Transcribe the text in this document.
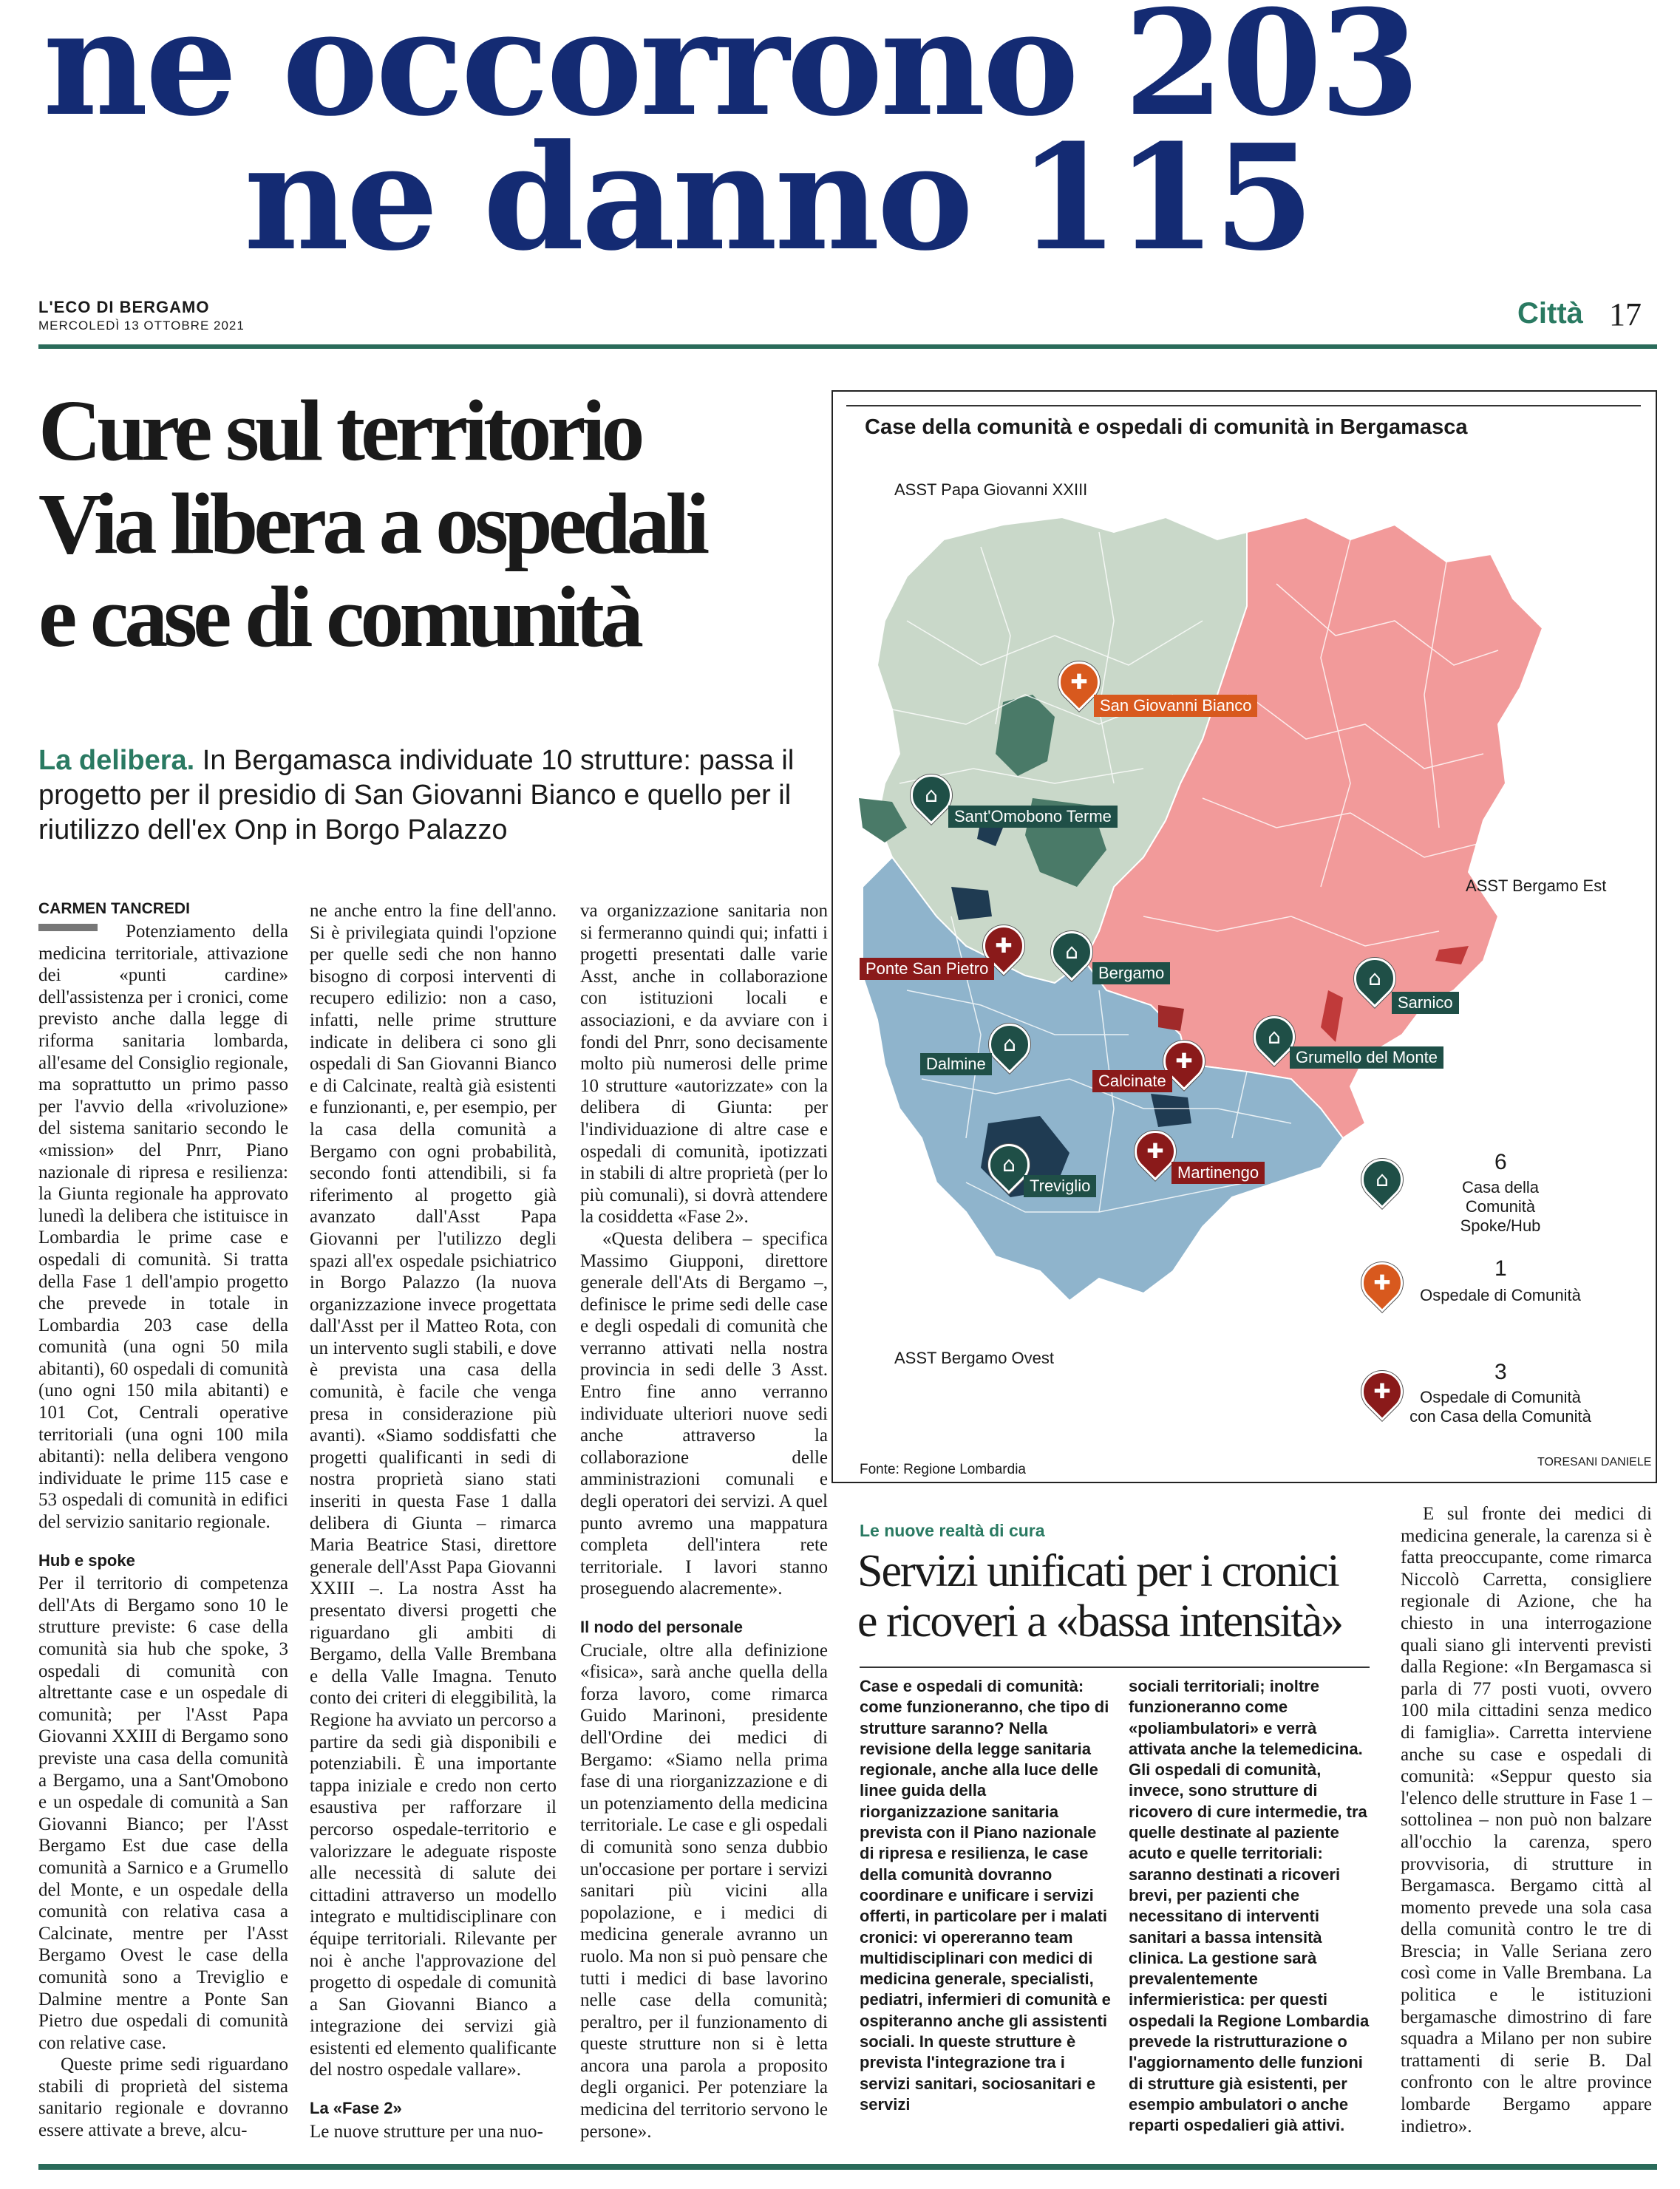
ne occorrono 203
ne danno 115
L'ECO DI BERGAMO
MERCOLEDÌ 13 OTTOBRE 2021	Città 17
Cure sul territorio
Via libera a ospedali
e case di comunità
La delibera. In Bergamasca individuate 10 strutture: passa il progetto per il presidio di San Giovanni Bianco e quello per il riutilizzo dell'ex Onp in Borgo Palazzo
CARMEN TANCREDI

Potenziamento della medicina territoriale, attivazione dei «punti cardine» dell'assistenza per i cronici, come previsto anche dalla legge di riforma sanitaria lombarda, all'esame del Consiglio regionale, ma soprattutto un primo passo per l'avvio della «rivoluzione» del sistema sanitario secondo le «mission» del Pnrr, Piano nazionale di ripresa e resilienza: la Giunta regionale ha approvato lunedì la delibera che istituisce in Lombardia le prime case e ospedali di comunità. Si tratta della Fase 1 dell'ampio progetto che prevede in totale in Lombardia 203 case della comunità (una ogni 50 mila abitanti), 60 ospedali di comunità (uno ogni 150 mila abitanti) e 101 Cot, Centrali operative territoriali (una ogni 100 mila abitanti): nella delibera vengono individuate le prime 115 case e 53 ospedali di comunità in edifici del servizio sanitario regionale.

Hub e spoke

Per il territorio di competenza dell'Ats di Bergamo sono 10 le strutture previste: 6 case della comunità sia hub che spoke, 3 ospedali di comunità con altrettante case e un ospedale di comunità; per l'Asst Papa Giovanni XXIII di Bergamo sono previste una casa della comunità a Bergamo, una a Sant'Omobono e un ospedale di comunità a San Giovanni Bianco; per l'Asst Bergamo Est due case della comunità a Sarnico e a Grumello del Monte, e un ospedale della comunità con relativa casa a Calcinate, mentre per l'Asst Bergamo Ovest le case della comunità sono a Treviglio e Dalmine mentre a Ponte San Pietro due ospedali di comunità con relative case.

Queste prime sedi riguardano stabili di proprietà del sistema sanitario regionale e dovranno essere attivate a breve, alcu-

ne anche entro la fine dell'anno. Si è privilegiata quindi l'opzione per quelle sedi che non hanno bisogno di corposi interventi di recupero edilizio: non a caso, infatti, nelle prime strutture indicate in delibera ci sono gli ospedali di San Giovanni Bianco e di Calcinate, realtà già esistenti e funzionanti, e, per esempio, per la casa della comunità a Bergamo con ogni probabilità, secondo fonti attendibili, si fa riferimento al progetto già avanzato dall'Asst Papa Giovanni per l'utilizzo degli spazi all'ex ospedale psichiatrico in Borgo Palazzo (la nuova organizzazione invece progettata dall'Asst per il Matteo Rota, con un intervento sugli stabili, e dove è prevista una casa della comunità, è facile che venga presa in considerazione più avanti). «Siamo soddisfatti che progetti qualificanti in sedi di nostra proprietà siano stati inseriti in questa Fase 1 dalla delibera di Giunta – rimarca Maria Beatrice Stasi, direttore generale dell'Asst Papa Giovanni XXIII –. La nostra Asst ha presentato diversi progetti che riguardano gli ambiti di Bergamo, della Valle Brembana e della Valle Imagna. Tenuto conto dei criteri di eleggibilità, la Regione ha avviato un percorso a partire da sedi già disponibili e potenziabili. È una importante tappa iniziale e credo non certo esaustiva per rafforzare il percorso ospedale-territorio e valorizzare le adeguate risposte alle necessità di salute dei cittadini attraverso un modello integrato e multidisciplinare con équipe territoriali. Rilevante per noi è anche l'approvazione del progetto di ospedale di comunità a San Giovanni Bianco a integrazione dei servizi già esistenti ed elemento qualificante del nostro ospedale vallare».

La «Fase 2»

Le nuove strutture per una nuo-

va organizzazione sanitaria non si fermeranno quindi qui; infatti i progetti presentati dalle varie Asst, anche in collaborazione con istituzioni locali e associazioni, e da avviare con i fondi del Pnrr, sono decisamente molto più numerosi delle prime 10 strutture «autorizzate» con la delibera di Giunta: per l'individuazione di altre case e ospedali di comunità, ipotizzati in stabili di altre proprietà (per lo più comunali), si dovrà attendere la cosiddetta «Fase 2».

«Questa delibera – specifica Massimo Giupponi, direttore generale dell'Ats di Bergamo –, definisce le prime sedi delle case e degli ospedali di comunità che verranno attivati nella nostra provincia in sedi delle 3 Asst. Entro fine anno verranno individuate ulteriori nuove sedi anche attraverso la collaborazione delle amministrazioni comunali e degli operatori dei servizi. A quel punto avremo una mappatura completa dell'intera rete territoriale. I lavori stanno proseguendo alacremente».

Il nodo del personale

Cruciale, oltre alla definizione «fisica», sarà anche quella della forza lavoro, come rimarca Guido Marinoni, presidente dell'Ordine dei medici di Bergamo: «Siamo nella prima fase di una riorganizzazione e di un potenziamento della medicina territoriale. Le case e gli ospedali di comunità sono senza dubbio un'occasione per portare i servizi sanitari più vicini alla popolazione, e i medici di medicina generale avranno un ruolo. Ma non si può pensare che tutti i medici di base lavorino nelle case della comunità; peraltro, per il funzionamento di queste strutture non si è letta ancora una parola a proposito degli organici. Per potenziare la medicina del territorio servono le persone».

Case della comunità e ospedali di comunità in Bergamasca
ASST Papa Giovanni XXIII
ASST Bergamo Est
ASST Bergamo Ovest
✚
San Giovanni Bianco
⌂
Sant'Omobono Terme
✚
Ponte San Pietro
⌂
Bergamo	⌂
Sarnico
⌂
Dalmine
⌂
Grumello del Monte
✚
Calcinate
✚
Martinengo
⌂
Treviglio	⌂
6
Casa della Comunità
Spoke/Hub
✚
1
Ospedale di Comunità
✚
3
Ospedale di Comunità
con Casa della Comunità
Fonte: Regione Lombardia	TORESANI DANIELE
Le nuove realtà di cura
Servizi unificati per i cronici
e ricoveri a «bassa intensità»
Case e ospedali di comunità: come funzioneranno, che tipo di strutture saranno? Nella revisione della legge sanitaria regionale, anche alla luce delle linee guida della riorganizzazione sanitaria prevista con il Piano nazionale di ripresa e resilienza, le case della comunità dovranno coordinare e unificare i servizi offerti, in particolare per i malati cronici: vi opereranno team multidisciplinari con medici di medicina generale, specialisti, pediatri, infermieri di comunità e ospiteranno anche gli assistenti sociali. In queste strutture è prevista l'integrazione tra i servizi sanitari, sociosanitari e servizi
sociali territoriali; inoltre funzioneranno come «poliambulatori» e verrà attivata anche la telemedicina. Gli ospedali di comunità, invece, sono strutture di ricovero di cure intermedie, tra quelle destinate al paziente acuto e quelle territoriali: saranno destinati a ricoveri brevi, per pazienti che necessitano di interventi sanitari a bassa intensità clinica. La gestione sarà prevalentemente infermieristica: per questi ospedali la Regione Lombardia prevede la ristrutturazione o l'aggiornamento delle funzioni di strutture già esistenti, per esempio ambulatori o anche reparti ospedalieri già attivi.

E sul fronte dei medici di medicina generale, la carenza si è fatta preoccupante, come rimarca Niccolò Carretta, consigliere regionale di Azione, che ha chiesto in una interrogazione quali siano gli interventi previsti dalla Regione: «In Bergamasca si parla di 77 posti vuoti, ovvero 100 mila cittadini senza medico di famiglia». Carretta interviene anche su case e ospedali di comunità: «Seppur questo sia l'elenco delle strutture in Fase 1 – sottolinea – non può non balzare all'occhio la carenza, spero provvisoria, di strutture in Bergamasca. Bergamo città al momento prevede una sola casa della comunità contro le tre di Brescia; in Valle Seriana zero così come in Valle Brembana. La politica e le istituzioni bergamasche dimostrino di fare squadra a Milano per non subire trattamenti di serie B. Dal confronto con le altre province lombarde Bergamo appare indietro».
